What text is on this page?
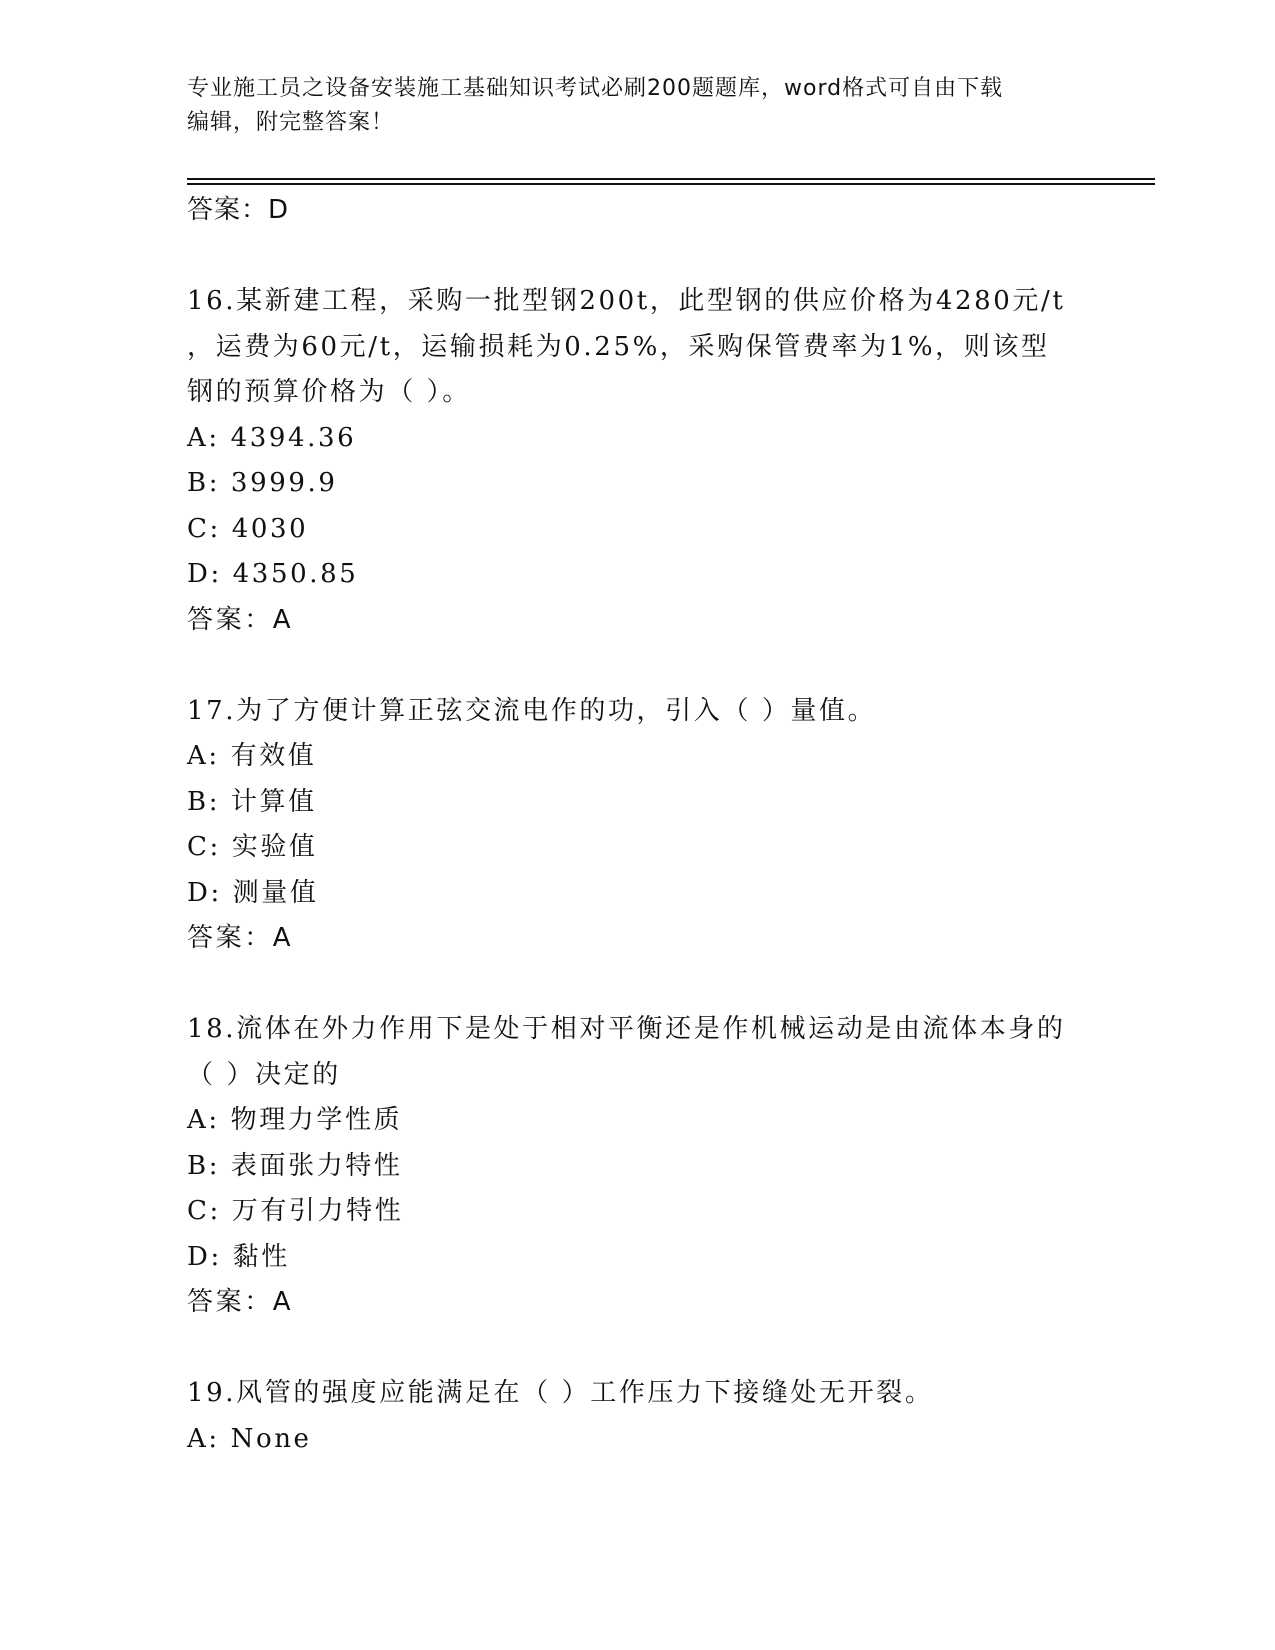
专业施工员之设备安装施工基础知识考试必刷200题题库，word格式可自由下载
编辑，附完整答案！
答案：D
16.某新建工程，采购一批型钢200t，此型钢的供应价格为4280元/t
，运费为60元/t，运输损耗为0.25%，采购保管费率为1%，则该型
钢的预算价格为（ ）。
A: 4394.36
B: 3999.9
C: 4030
D: 4350.85
答案：A
17.为了方便计算正弦交流电作的功，引入（ ）量值。
A: 有效值
B: 计算值
C: 实验值
D: 测量值
答案：A
18.流体在外力作用下是处于相对平衡还是作机械运动是由流体本身的
（ ）决定的
A: 物理力学性质
B: 表面张力特性
C: 万有引力特性
D: 黏性
答案：A
19.风管的强度应能满足在（ ）工作压力下接缝处无开裂。
A: None
